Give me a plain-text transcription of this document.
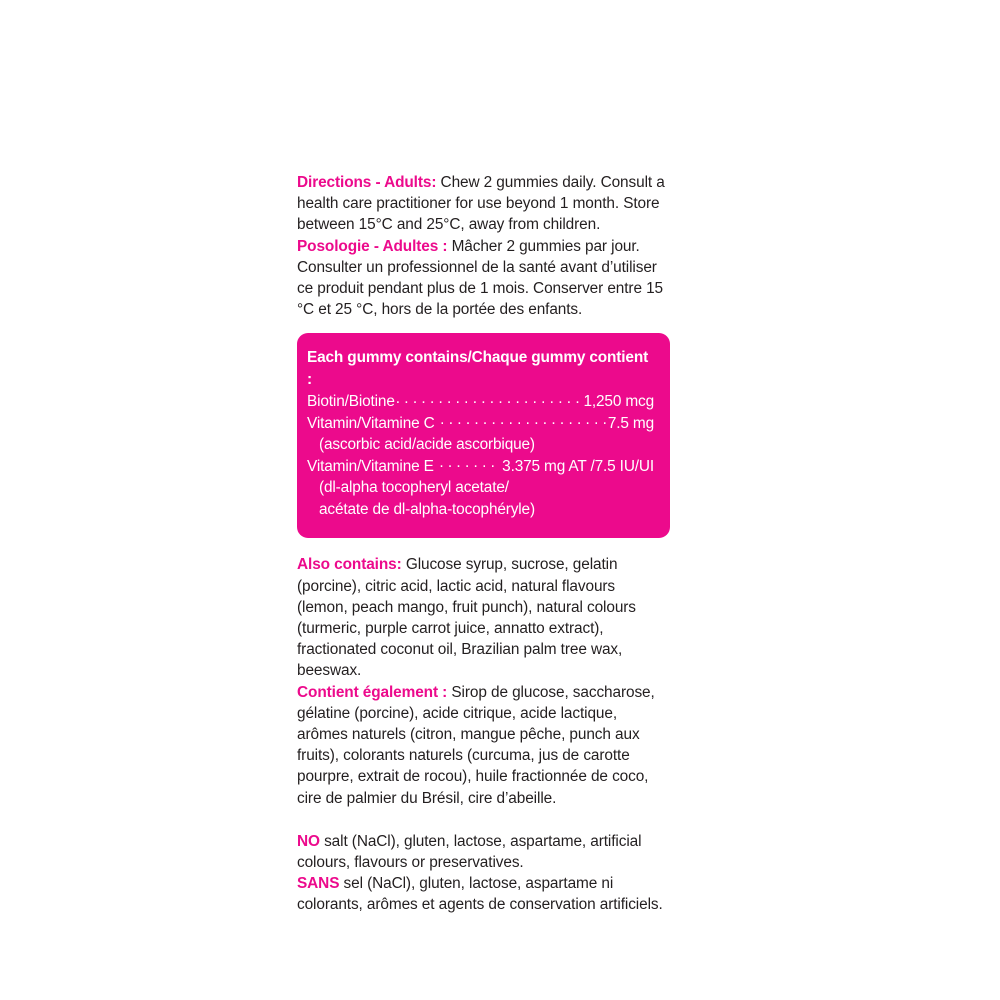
Directions - Adults: Chew 2 gummies daily. Consult a health care practitioner for use beyond 1 month. Store between 15°C and 25°C, away from children.

Posologie - Adultes : Mâcher 2 gummies par jour. Consulter un professionnel de la santé avant d’utiliser ce produit pendant plus de 1 mois. Conserver entre 15 °C et 25 °C, hors de la portée des enfants.

Each gummy contains/Chaque gummy contient :
Biotin/Biotine . . .	1,250 mcg
Vitamin/Vitamine C . . .	7.5 mg
(ascorbic acid/acide ascorbique)
Vitamin/Vitamine E . . .	3.375 mg AT /7.5 IU/UI
(dl-alpha tocopheryl acetate/
acétate de dl-alpha-tocophéryle)

Also contains: Glucose syrup, sucrose, gelatin (porcine), citric acid, lactic acid, natural flavours (lemon, peach mango, fruit punch), natural colours (turmeric, purple carrot juice, annatto extract), fractionated coconut oil, Brazilian palm tree wax, beeswax.

Contient également : Sirop de glucose, saccharose, gélatine (porcine), acide citrique, acide lactique, arômes naturels (citron, mangue pêche, punch aux fruits), colorants naturels (curcuma, jus de carotte pourpre, extrait de rocou), huile fractionnée de coco, cire de palmier du Brésil, cire d’abeille.

NO salt (NaCl), gluten, lactose, aspartame, artificial colours, flavours or preservatives.

SANS sel (NaCl), gluten, lactose, aspartame ni colorants, arômes et agents de conservation artificiels.
